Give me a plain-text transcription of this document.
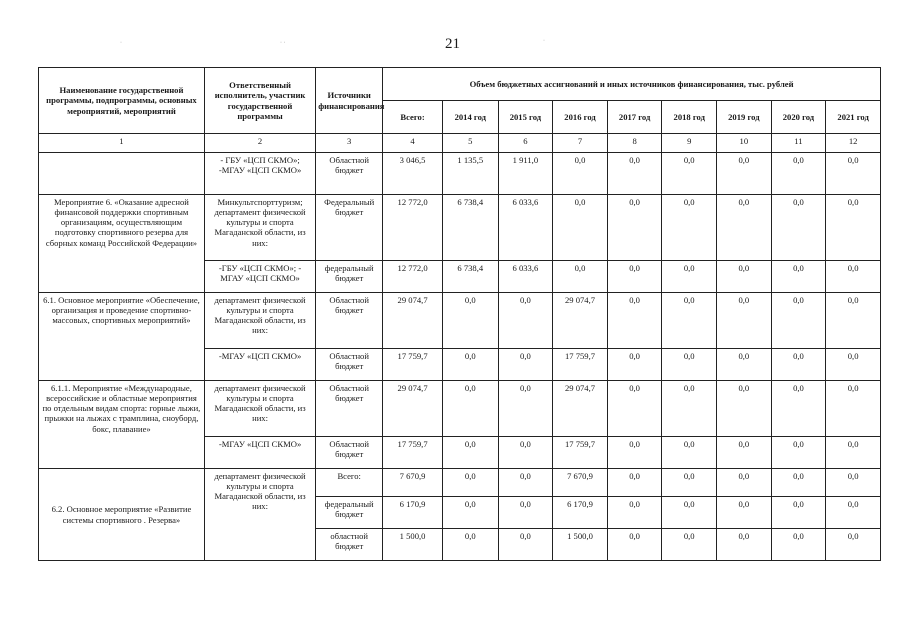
21
Наименование государственной программы, подпрограммы, основных мероприятий, мероприятий	Ответственный исполнитель, участник государственной программы	Источники финансирования	Объем бюджетных ассигнований и иных источников финансирования, тыс. рублей								
			Всего:	2014 год	2015 год	2016 год	2017 год	2018 год	2019 год	2020 год	2021 год
1	2	3	4	5	6	7	8	9	10	11	12
	- ГБУ «ЦСП СКМО»; -МГАУ «ЦСП СКМО»	Областной бюджет	3 046,5	1 135,5	1 911,0	0,0	0,0	0,0	0,0	0,0	0,0
Мероприятие 6. «Оказание адресной финансовой поддержки спортивным организациям, осуществляющим подготовку спортивного резерва для сборных команд Российской Федерации»	Минкультспорттуризм; департамент физической культуры и спорта Магаданской области, из них:	Федеральный бюджет	12 772,0	6 738,4	6 033,6	0,0	0,0	0,0	0,0	0,0	0,0
	-ГБУ «ЦСП СКМО»; - МГАУ «ЦСП СКМО»	федеральный бюджет	12 772,0	6 738,4	6 033,6	0,0	0,0	0,0	0,0	0,0	0,0
6.1. Основное мероприятие «Обеспечение, организация и проведение спортивно-массовых, спортивных мероприятий»	департамент физической культуры и спорта Магаданской области, из них:	Областной бюджет	29 074,7	0,0	0,0	29 074,7	0,0	0,0	0,0	0,0	0,0
	-МГАУ «ЦСП СКМО»	Областной бюджет	17 759,7	0,0	0,0	17 759,7	0,0	0,0	0,0	0,0	0,0
6.1.1. Мероприятие «Международные, всероссийские и областные мероприятия по отдельным видам спорта: горные лыжи, прыжки на лыжах с трамплина, сноуборд, бокс, плавание»	департамент физической культуры и спорта Магаданской области, из них:	Областной бюджет	29 074,7	0,0	0,0	29 074,7	0,0	0,0	0,0	0,0	0,0
	-МГАУ «ЦСП СКМО»	Областной бюджет	17 759,7	0,0	0,0	17 759,7	0,0	0,0	0,0	0,0	0,0
6.2. Основное мероприятие «Развитие системы спортивного . Резерва»	департамент физической культуры и спорта Магаданской области, из них:	Всего:	7 670,9	0,0	0,0	7 670,9	0,0	0,0	0,0	0,0	0,0
		федеральный бюджет	6 170,9	0,0	0,0	6 170,9	0,0	0,0	0,0	0,0	0,0
		областной бюджет	1 500,0	0,0	0,0	1 500,0	0,0	0,0	0,0	0,0	0,0
·	· ·	·
